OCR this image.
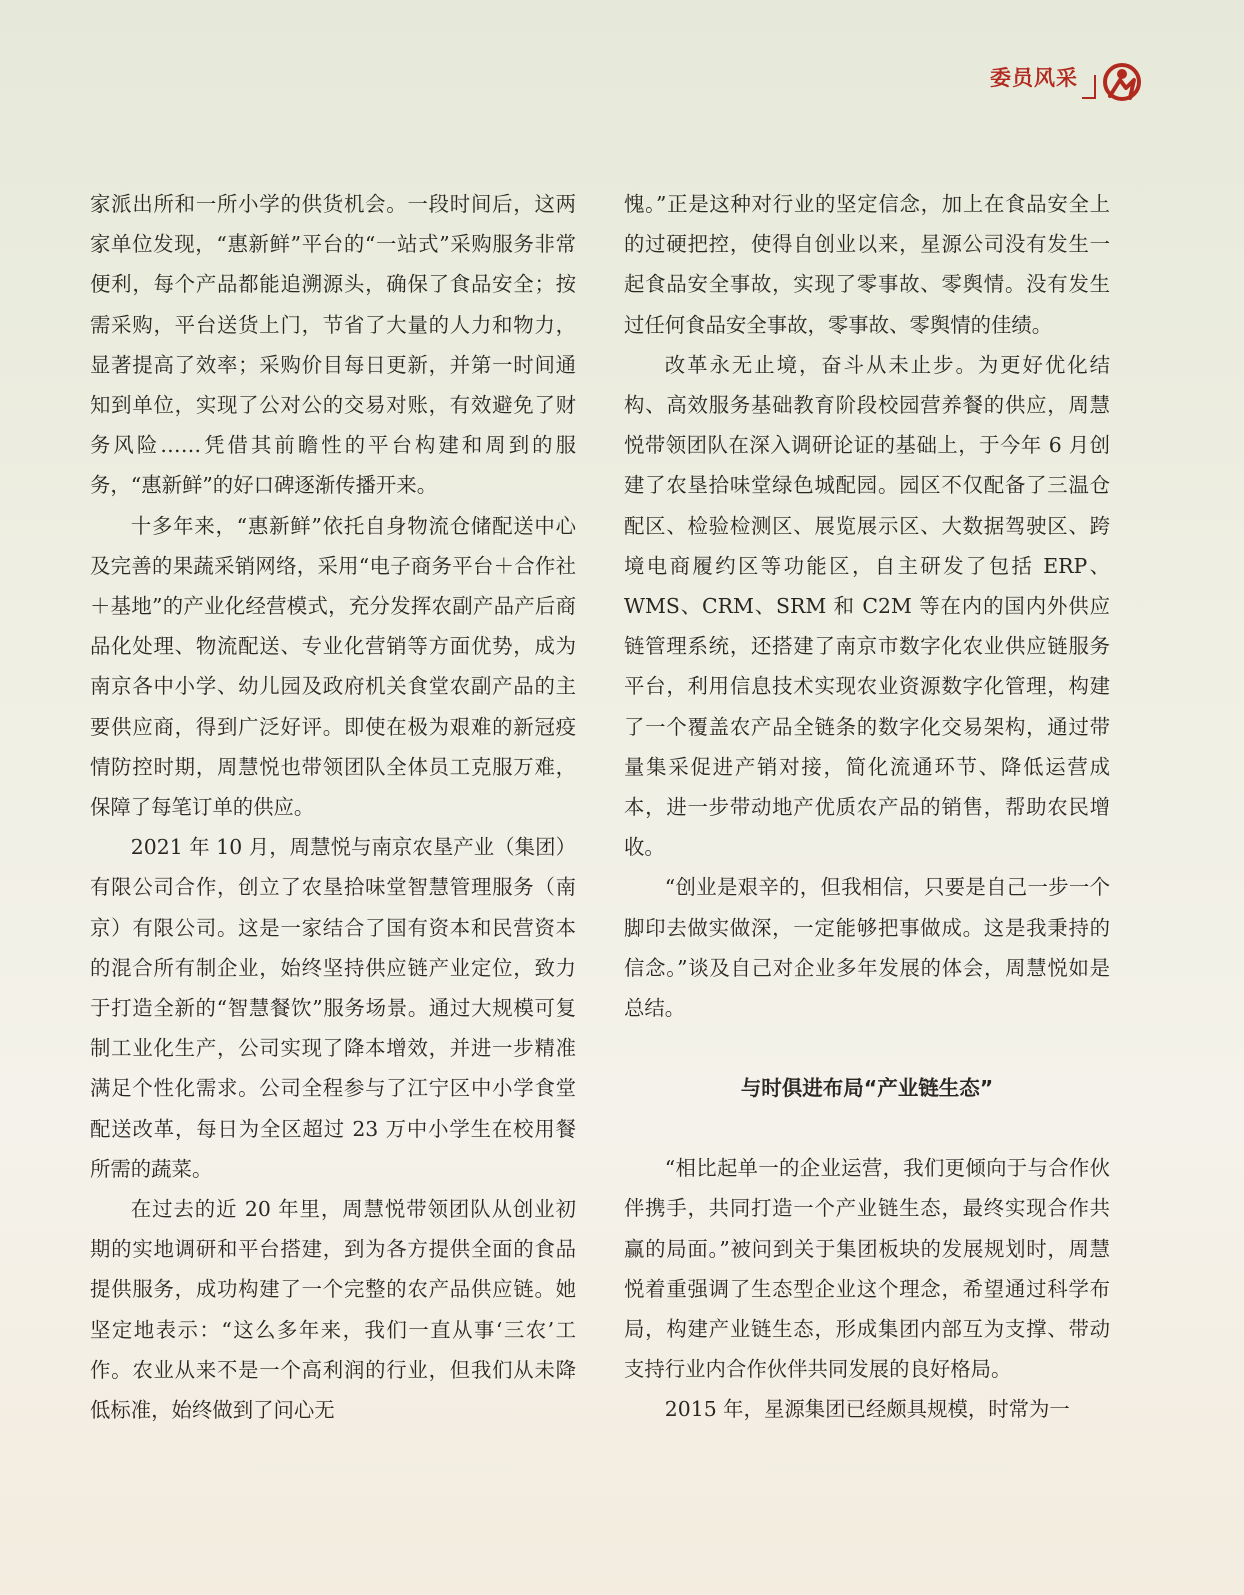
委员风采

家派出所和一所小学的供货机会。一段时间后，这两家单位发现，“惠新鲜”平台的“一站式”采购服务非常便利，每个产品都能追溯源头，确保了食品安全；按需采购，平台送货上门，节省了大量的人力和物力，显著提高了效率；采购价目每日更新，并第一时间通知到单位，实现了公对公的交易对账，有效避免了财务风险……凭借其前瞻性的平台构建和周到的服务，“惠新鲜”的好口碑逐渐传播开来。

十多年来，“惠新鲜”依托自身物流仓储配送中心及完善的果蔬采销网络，采用“电子商务平台＋合作社＋基地”的产业化经营模式，充分发挥农副产品产后商品化处理、物流配送、专业化营销等方面优势，成为南京各中小学、幼儿园及政府机关食堂农副产品的主要供应商，得到广泛好评。即使在极为艰难的新冠疫情防控时期，周慧悦也带领团队全体员工克服万难，保障了每笔订单的供应。

2021 年 10 月，周慧悦与南京农垦产业（集团）有限公司合作，创立了农垦拾味堂智慧管理服务（南京）有限公司。这是一家结合了国有资本和民营资本的混合所有制企业，始终坚持供应链产业定位，致力于打造全新的“智慧餐饮”服务场景。通过大规模可复制工业化生产，公司实现了降本增效，并进一步精准满足个性化需求。公司全程参与了江宁区中小学食堂配送改革，每日为全区超过 23 万中小学生在校用餐所需的蔬菜。

在过去的近 20 年里，周慧悦带领团队从创业初期的实地调研和平台搭建，到为各方提供全面的食品提供服务，成功构建了一个完整的农产品供应链。她坚定地表示：“这么多年来，我们一直从事‘三农’工作。农业从来不是一个高利润的行业，但我们从未降低标准，始终做到了问心无

愧。”正是这种对行业的坚定信念，加上在食品安全上的过硬把控，使得自创业以来，星源公司没有发生一起食品安全事故，实现了零事故、零舆情。没有发生过任何食品安全事故，零事故、零舆情的佳绩。

改革永无止境，奋斗从未止步。为更好优化结构、高效服务基础教育阶段校园营养餐的供应，周慧悦带领团队在深入调研论证的基础上，于今年 6 月创建了农垦拾味堂绿色城配园。园区不仅配备了三温仓配区、检验检测区、展览展示区、大数据驾驶区、跨境电商履约区等功能区，自主研发了包括 ERP、WMS、CRM、SRM 和 C2M 等在内的国内外供应链管理系统，还搭建了南京市数字化农业供应链服务平台，利用信息技术实现农业资源数字化管理，构建了一个覆盖农产品全链条的数字化交易架构，通过带量集采促进产销对接，简化流通环节、降低运营成本，进一步带动地产优质农产品的销售，帮助农民增收。

“创业是艰辛的，但我相信，只要是自己一步一个脚印去做实做深，一定能够把事做成。这是我秉持的信念。”谈及自己对企业多年发展的体会，周慧悦如是总结。

与时俱进布局“产业链生态”

“相比起单一的企业运营，我们更倾向于与合作伙伴携手，共同打造一个产业链生态，最终实现合作共赢的局面。”被问到关于集团板块的发展规划时，周慧悦着重强调了生态型企业这个理念，希望通过科学布局，构建产业链生态，形成集团内部互为支撑、带动支持行业内合作伙伴共同发展的良好格局。

2015 年，星源集团已经颇具规模，时常为一
